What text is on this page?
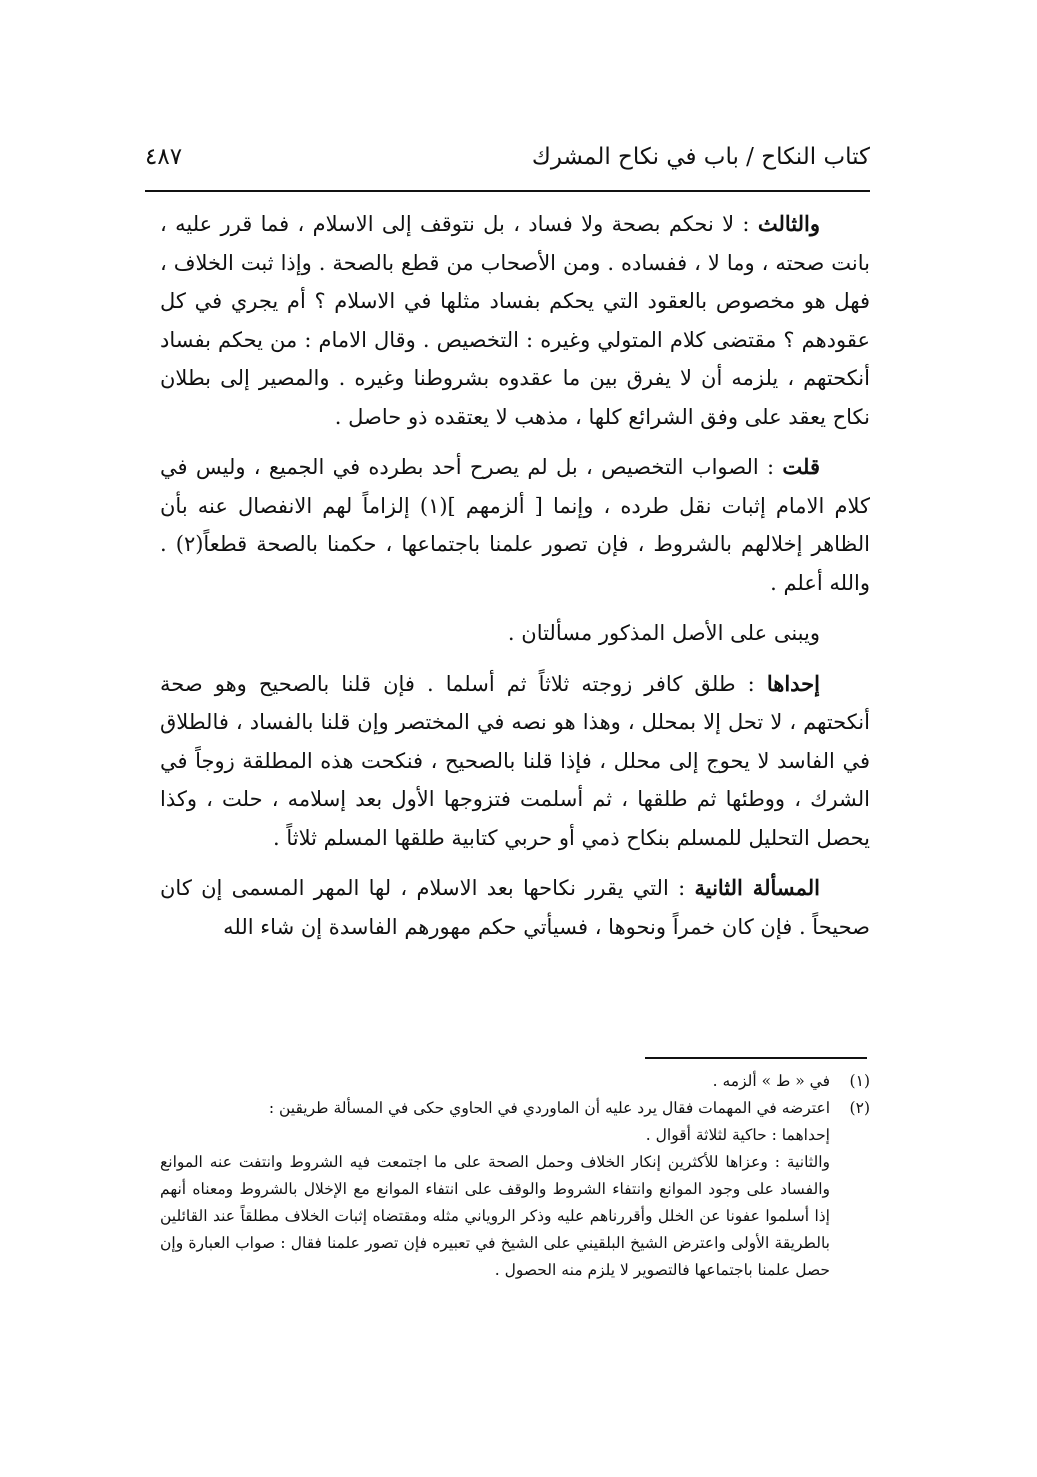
كتاب النكاح / باب في نكاح المشرك
٤٨٧

والثالث : لا نحكم بصحة ولا فساد ، بل نتوقف إلى الاسلام ، فما قرر عليه ، بانت صحته ، وما لا ، ففساده . ومن الأصحاب من قطع بالصحة . وإذا ثبت الخلاف ، فهل هو مخصوص بالعقود التي يحكم بفساد مثلها في الاسلام ؟ أم يجري في كل عقودهم ؟ مقتضى كلام المتولي وغيره : التخصيص . وقال الامام : من يحكم بفساد أنكحتهم ، يلزمه أن لا يفرق بين ما عقدوه بشروطنا وغيره . والمصير إلى بطلان نكاح يعقد على وفق الشرائع كلها ، مذهب لا يعتقده ذو حاصل .

قلت : الصواب التخصيص ، بل لم يصرح أحد بطرده في الجميع ، وليس في كلام الامام إثبات نقل طرده ، وإنما [ ألزمهم ](١) إلزاماً لهم الانفصال عنه بأن الظاهر إخلالهم بالشروط ، فإن تصور علمنا باجتماعها ، حكمنا بالصحة قطعاً(٢) . والله أعلم .

ويبنى على الأصل المذكور مسألتان .

إحداها : طلق كافر زوجته ثلاثاً ثم أسلما . فإن قلنا بالصحيح وهو صحة أنكحتهم ، لا تحل إلا بمحلل ، وهذا هو نصه في المختصر وإن قلنا بالفساد ، فالطلاق في الفاسد لا يحوج إلى محلل ، فإذا قلنا بالصحيح ، فنكحت هذه المطلقة زوجاً في الشرك ، ووطئها ثم طلقها ، ثم أسلمت فتزوجها الأول بعد إسلامه ، حلت ، وكذا يحصل التحليل للمسلم بنكاح ذمي أو حربي كتابية طلقها المسلم ثلاثاً .

المسألة الثانية : التي يقرر نكاحها بعد الاسلام ، لها المهر المسمى إن كان صحيحاً . فإن كان خمراً ونحوها ، فسيأتي حكم مهورهم الفاسدة إن شاء الله

(١)في « ط » ألزمه .

(٢)اعترضه في المهمات فقال يرد عليه أن الماوردي في الحاوي حكى في المسألة طريقين :

إحداهما : حاكية لثلاثة أقوال .

والثانية : وعزاها للأكثرين إنكار الخلاف وحمل الصحة على ما اجتمعت فيه الشروط وانتفت عنه الموانع والفساد على وجود الموانع وانتفاء الشروط والوقف على انتفاء الموانع مع الإخلال بالشروط ومعناه أنهم إذا أسلموا عفونا عن الخلل وأقررناهم عليه وذكر الروياني مثله ومقتضاه إثبات الخلاف مطلقاً عند القائلين بالطريقة الأولى واعترض الشيخ البلقيني على الشيخ في تعبيره فإن تصور علمنا فقال : صواب العبارة وإن حصل علمنا باجتماعها فالتصوير لا يلزم منه الحصول .
